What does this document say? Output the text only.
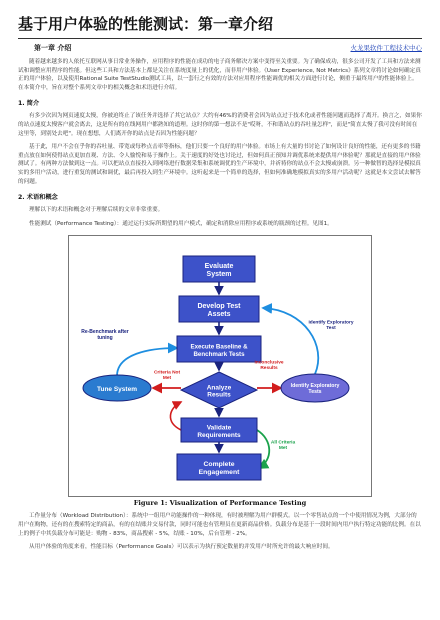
基于用户体验的性能测试：第一章介绍
第一章 介绍	火龙果软件工程技术中心

随着越来越多的人依托互联网从事日常业务操作，应用程序的性能在成功的电子商务解决方案中变得至关重要。为了确保成功，很多公司开发了工具和方法来测试和调整应用程序的性能。但这些工具和方法基本上都是关注在系统度量上的优化，而非用户体验。《User Experience, Not Metrics》系列文章将讨论如何确定真正的用户体验，以及使用Rational Suite TestStudio测试工具，以一套行之有效的方法对应用程序性能调优的相关方面进行讨论，侧重于最终用户的性能体验上。在本简介中，旨在对整个系列文章中的相关概念和术语进行介绍。

1. 简介

有多少次因为网页速度太慢，你被迫终止了该任务并选择了其它站点？大约有46%的消费者会因为站点过于技术化或者性能问题而选择了离开。换言之，如果你的站点速度太慢客户就会离去，这是所有的在线网用户都熟知的道理。这时你的第一想法不是"哎呀，不和谐站点的吞吐量怎样"，而是"简直太慢了我可没有时间在这里等，到别处去吧"。现在想想，人们离开你的站点是否因为性能问题？

基于此，用户不会在乎你的吞吐量、带宽或每秒点击率等指标，他们只要一个良好的用户体验。市场上有大量的书讨论了如何设计良好的性能，还有更多的书籍重点放在如何使得站点更加直观、方法、令人愉悦和易于操作上。关于速度的好处也讨论过，但如何真正预知并调优系统来提供用户体验呢？那就是直接的用户体验测试了。有两种方法做到这一点。可以把站点直接投入到网络进行数据采集和系统调优的生产环境中，并祈祷你的站点不会太慢或崩溃。另一种做智的选择是模拟真实的多用户活动，进行重复的测试和调优，最后再投入到生产环境中。这听起来是一个简单的选择，但如何准确地模拟真实的多用户活动呢？这就是本文尝试去解答的问题。

2. 术语和概念

理解以下的术语和概念对于理解后续的文章非常重要。

性能测试（Performance Testing）：通过运行实际所期望的用户模式，确定和消除应用程序或系统的瓶颈的过程。见图1。

Evaluate System
Develop Test Assets
Execute Baseline & Benchmark Tests
Analyze Results
Validate Requirements
Complete Engagement
Tune System	Identify Exploratory Tests
Re-Benchmark after tuning
Criteria Not Met
Inconclusive Results
Identify Exploratory Test
All Criteria Met
Figure 1: Visualization of Performance Testing

工作量分布（Workload Distribution）：系统中一组用户功能操作的一种体现，有时被理解为用户群模式。以一个零售站点的一个中使用情况为例，大部分的用户在购物，还有的在搜索特定的商品，有的在结账并交易付款，同时可能也有管理员在更新商品价格。负载分布是基于一段时间内用户执行特定功能的比例。在以上的例子中其负载分布可能是：购物 - 83%，商品搜索 - 5%，结账 - 10%，后台管理 - 2%。

从用户体验的角度来看，性能目标（Performance Goals）可以表示为执行预定数量的并发用户时所允许的最大响应时间。
